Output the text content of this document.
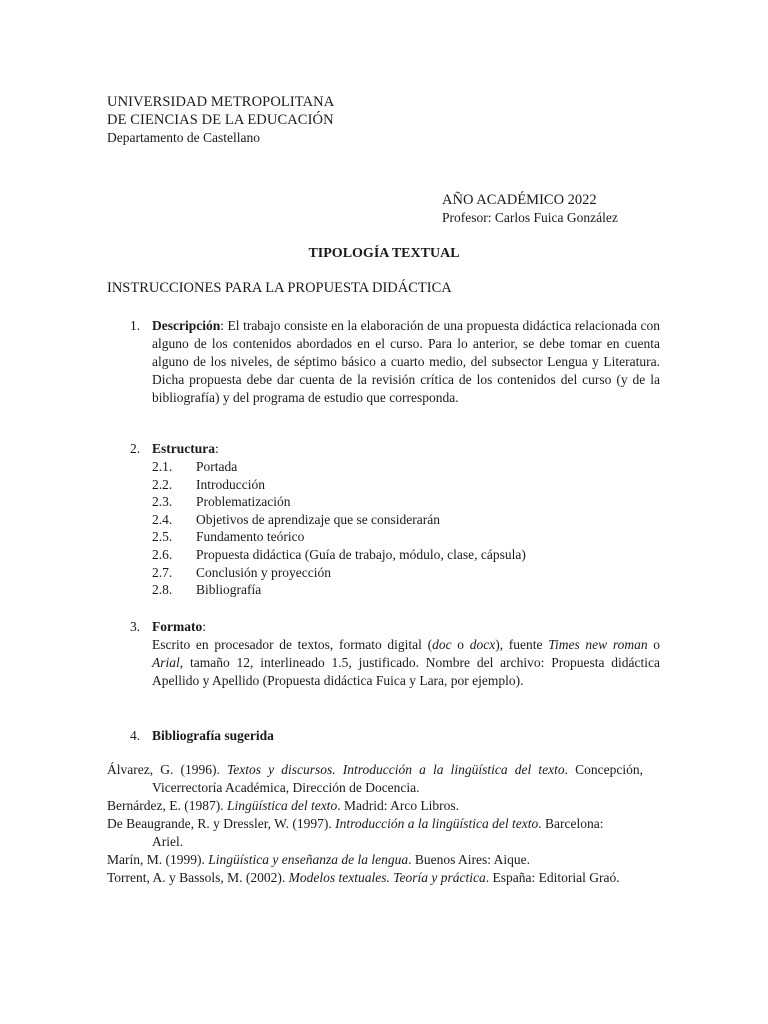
UNIVERSIDAD METROPOLITANA
DE CIENCIAS DE LA EDUCACIÓN
Departamento de Castellano
AÑO ACADÉMICO 2022
Profesor: Carlos Fuica González
TIPOLOGÍA TEXTUAL
INSTRUCCIONES PARA LA PROPUESTA DIDÁCTICA
1. Descripción: El trabajo consiste en la elaboración de una propuesta didáctica relacionada con alguno de los contenidos abordados en el curso. Para lo anterior, se debe tomar en cuenta alguno de los niveles, de séptimo básico a cuarto medio, del subsector Lengua y Literatura. Dicha propuesta debe dar cuenta de la revisión crítica de los contenidos del curso (y de la bibliografía) y del programa de estudio que corresponda.
2. Estructura:
2.1.	Portada
2.2.	Introducción
2.3.	Problematización
2.4.	Objetivos de aprendizaje que se considerarán
2.5.	Fundamento teórico
2.6.	Propuesta didáctica (Guía de trabajo, módulo, clase, cápsula)
2.7.	Conclusión y proyección
2.8.	Bibliografía
3. Formato:
Escrito en procesador de textos, formato digital (doc o docx), fuente Times new roman o Arial, tamaño 12, interlineado 1.5, justificado. Nombre del archivo: Propuesta didáctica Apellido y Apellido (Propuesta didáctica Fuica y Lara, por ejemplo).
4. Bibliografía sugerida
Álvarez, G. (1996). Textos y discursos. Introducción a la lingüística del texto. Concepción, Vicerrectoría Académica, Dirección de Docencia.
Bernárdez, E. (1987). Lingüística del texto. Madrid: Arco Libros.
De Beaugrande, R. y Dressler, W. (1997). Introducción a la lingüística del texto. Barcelona:
Ariel.
Marín, M. (1999). Lingüística y enseñanza de la lengua. Buenos Aires: Aique.
Torrent, A. y Bassols, M. (2002). Modelos textuales. Teoría y práctica. España: Editorial Graó.
